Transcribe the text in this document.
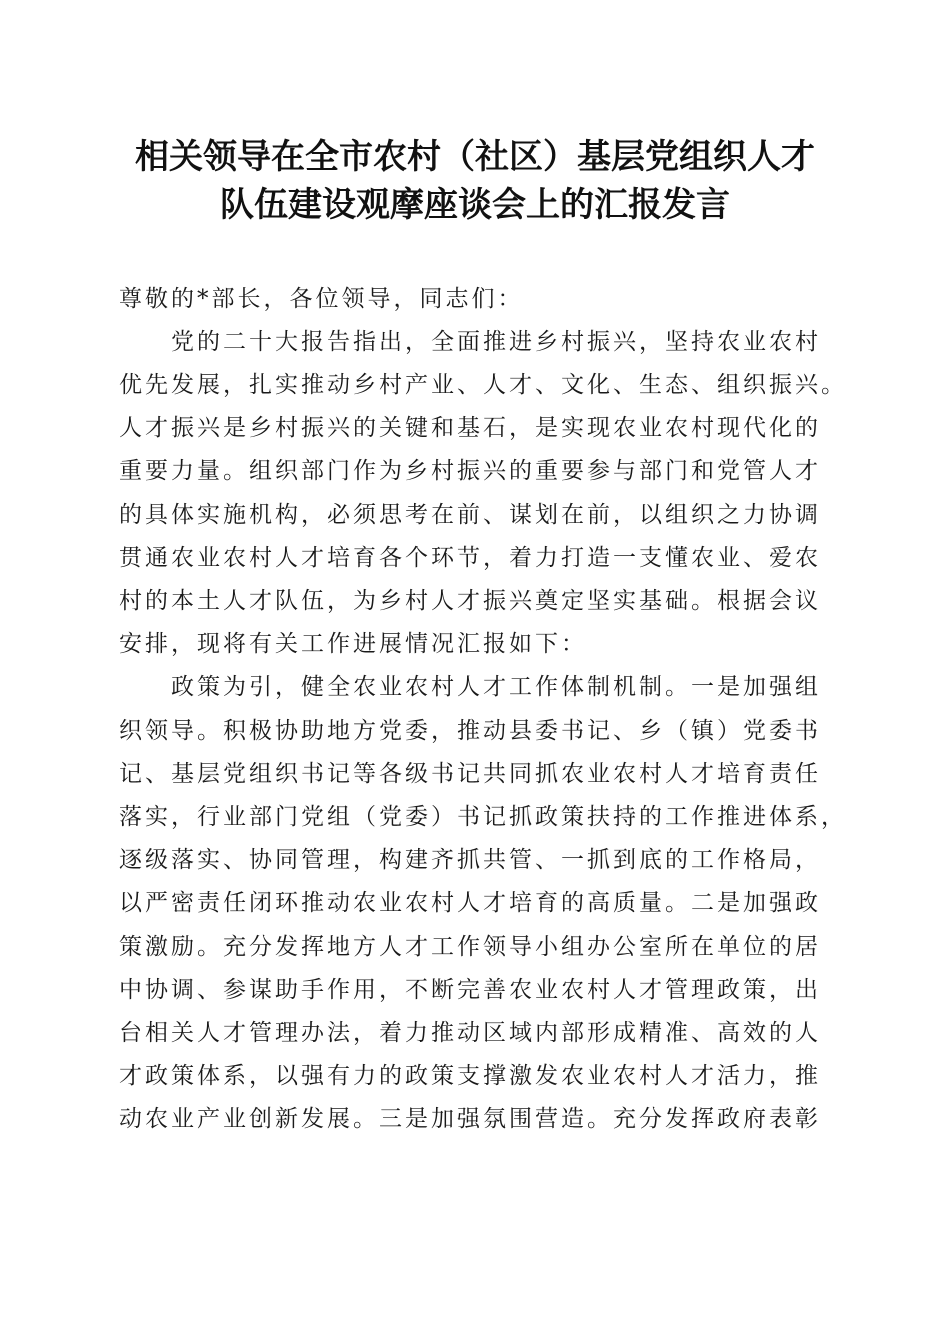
相关领导在全市农村（社区）基层党组织人才
队伍建设观摩座谈会上的汇报发言
尊敬的*部长，各位领导，同志们：
　　党的二十大报告指出，全面推进乡村振兴，坚持农业农村
优先发展，扎实推动乡村产业、人才、文化、生态、组织振兴。
人才振兴是乡村振兴的关键和基石，是实现农业农村现代化的
重要力量。组织部门作为乡村振兴的重要参与部门和党管人才
的具体实施机构，必须思考在前、谋划在前，以组织之力协调
贯通农业农村人才培育各个环节，着力打造一支懂农业、爱农
村的本土人才队伍，为乡村人才振兴奠定坚实基础。根据会议
安排，现将有关工作进展情况汇报如下：
　　政策为引，健全农业农村人才工作体制机制。一是加强组
织领导。积极协助地方党委，推动县委书记、乡（镇）党委书
记、基层党组织书记等各级书记共同抓农业农村人才培育责任
落实，行业部门党组（党委）书记抓政策扶持的工作推进体系，
逐级落实、协同管理，构建齐抓共管、一抓到底的工作格局，
以严密责任闭环推动农业农村人才培育的高质量。二是加强政
策激励。充分发挥地方人才工作领导小组办公室所在单位的居
中协调、参谋助手作用，不断完善农业农村人才管理政策，出
台相关人才管理办法，着力推动区域内部形成精准、高效的人
才政策体系，以强有力的政策支撑激发农业农村人才活力，推
动农业产业创新发展。三是加强氛围营造。充分发挥政府表彰
